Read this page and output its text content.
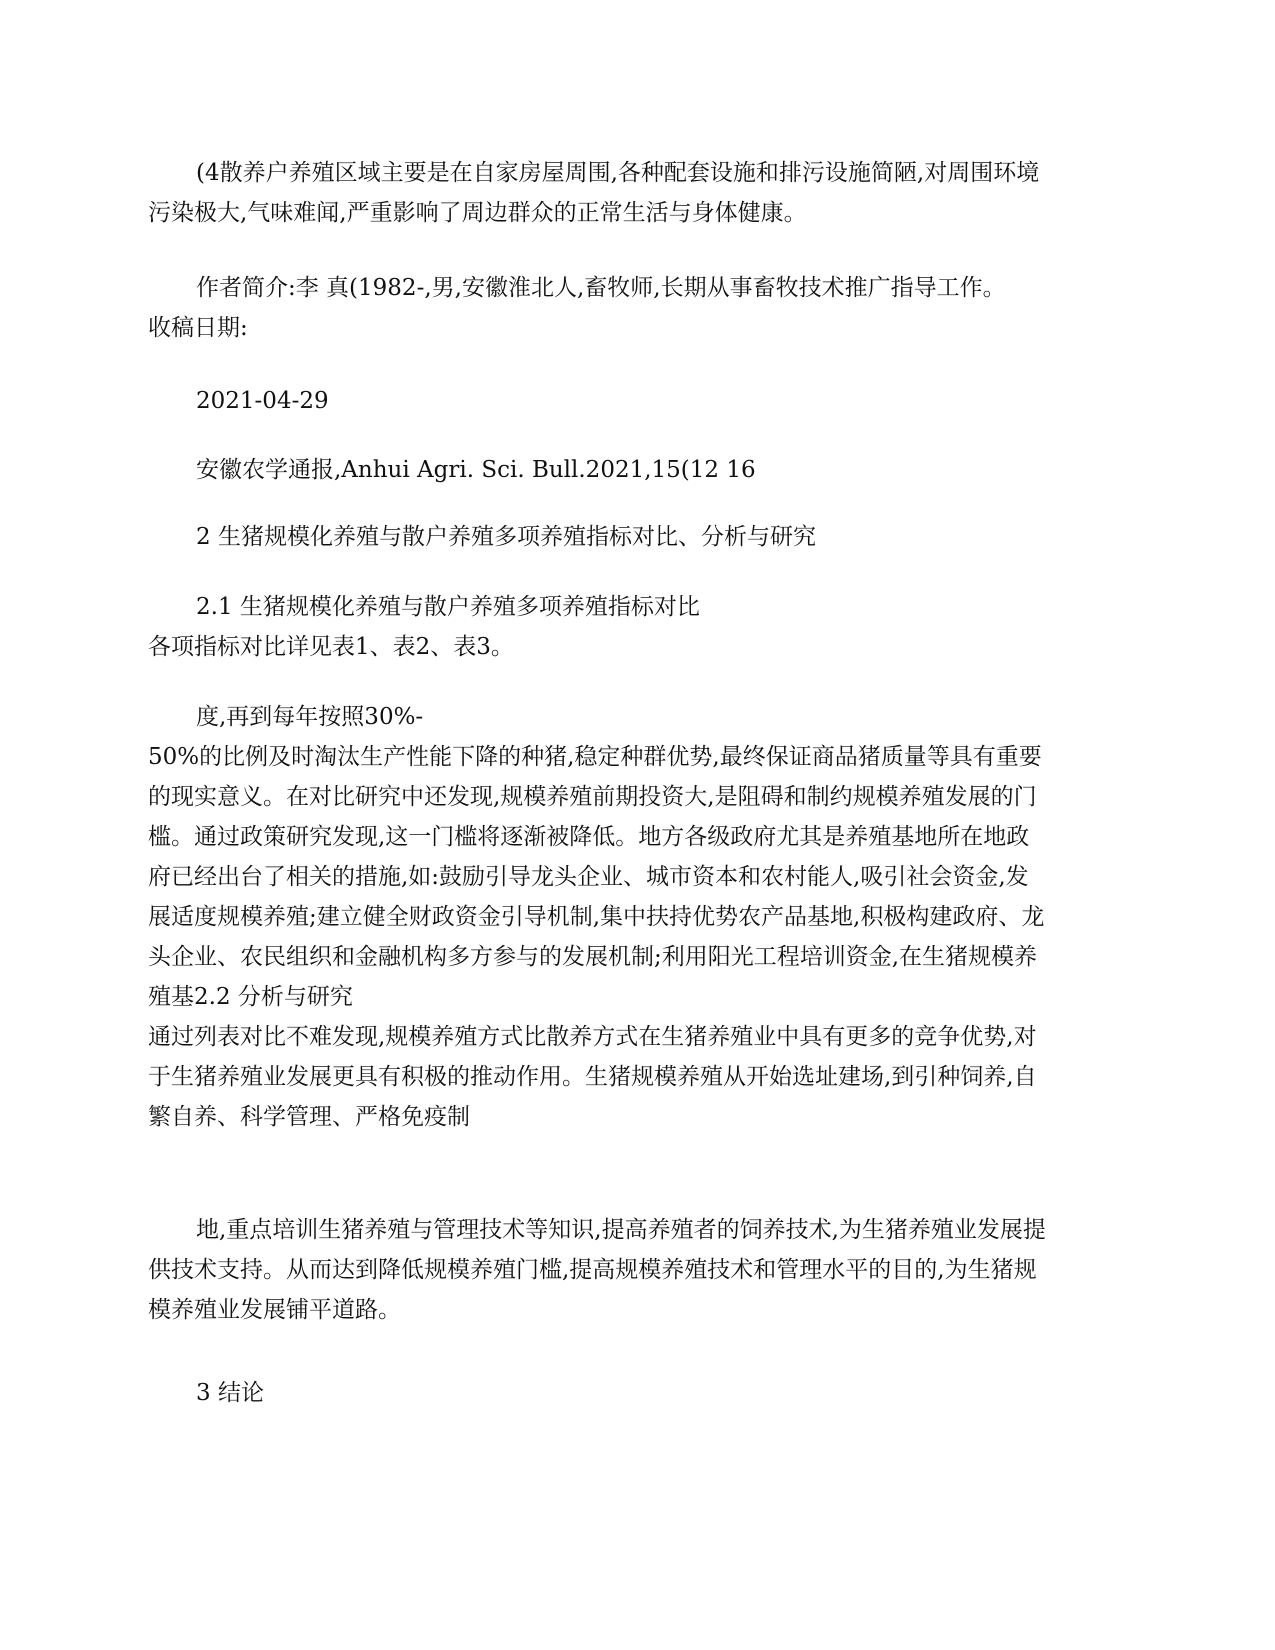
(4散养户养殖区域主要是在自家房屋周围,各种配套设施和排污设施简陋,对周围环境
污染极大,气味难闻,严重影响了周边群众的正常生活与身体健康。

作者简介:李 真(1982-,男,安徽淮北人,畜牧师,长期从事畜牧技术推广指导工作。
收稿日期:

2021-04-29

安徽农学通报,Anhui Agri. Sci. Bull.2021,15(12 16

2 生猪规模化养殖与散户养殖多项养殖指标对比、分析与研究

2.1 生猪规模化养殖与散户养殖多项养殖指标对比
各项指标对比详见表1、表2、表3。

度,再到每年按照30%-
50%的比例及时淘汰生产性能下降的种猪,稳定种群优势,最终保证商品猪质量等具有重要
的现实意义。在对比研究中还发现,规模养殖前期投资大,是阻碍和制约规模养殖发展的门
槛。通过政策研究发现,这一门槛将逐渐被降低。地方各级政府尤其是养殖基地所在地政
府已经出台了相关的措施,如:鼓励引导龙头企业、城市资本和农村能人,吸引社会资金,发
展适度规模养殖;建立健全财政资金引导机制,集中扶持优势农产品基地,积极构建政府、龙
头企业、农民组织和金融机构多方参与的发展机制;利用阳光工程培训资金,在生猪规模养
殖基2.2 分析与研究
通过列表对比不难发现,规模养殖方式比散养方式在生猪养殖业中具有更多的竞争优势,对
于生猪养殖业发展更具有积极的推动作用。生猪规模养殖从开始选址建场,到引种饲养,自
繁自养、科学管理、严格免疫制

地,重点培训生猪养殖与管理技术等知识,提高养殖者的饲养技术,为生猪养殖业发展提
供技术支持。从而达到降低规模养殖门槛,提高规模养殖技术和管理水平的目的,为生猪规
模养殖业发展铺平道路。

3 结论
